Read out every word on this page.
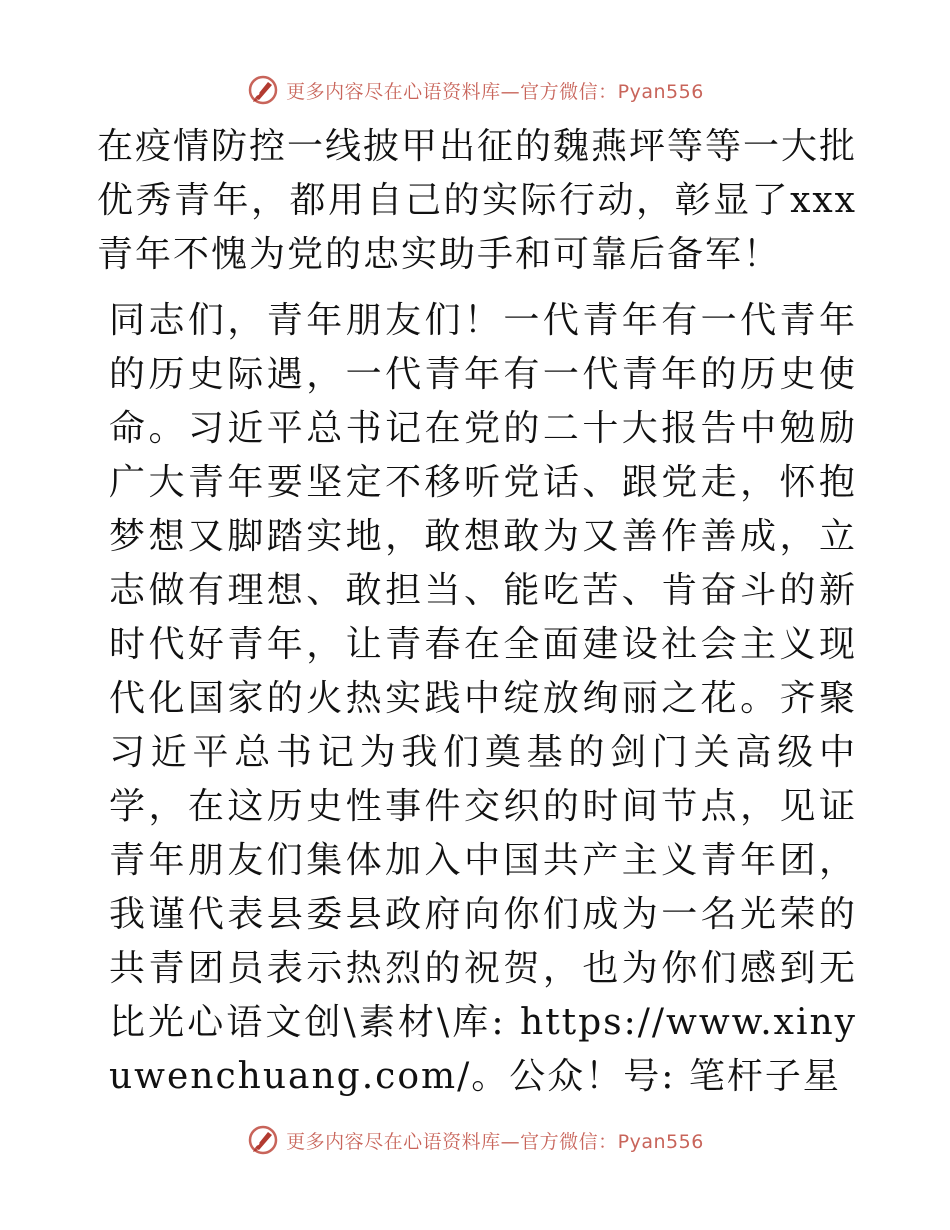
更多内容尽在心语资料库—官方微信：Pyan556

在疫情防控一线披甲出征的魏燕坪等等一大批优秀青年，都用自己的实际行动，彰显了xxx青年不愧为党的忠实助手和可靠后备军！

同志们，青年朋友们！一代青年有一代青年的历史际遇，一代青年有一代青年的历史使命。习近平总书记在党的二十大报告中勉励广大青年要坚定不移听党话、跟党走，怀抱梦想又脚踏实地，敢想敢为又善作善成，立志做有理想、敢担当、能吃苦、肯奋斗的新时代好青年，让青春在全面建设社会主义现代化国家的火热实践中绽放绚丽之花。齐聚习近平总书记为我们奠基的剑门关高级中学，在这历史性事件交织的时间节点，见证青年朋友们集体加入中国共产主义青年团，我谨代表县委县政府向你们成为一名光荣的共青团员表示热烈的祝贺，也为你们感到无比光心语文创\素材\库: https://www.xinyuwenchuang.com/。公众！号: 笔杆子星

更多内容尽在心语资料库—官方微信：Pyan556
